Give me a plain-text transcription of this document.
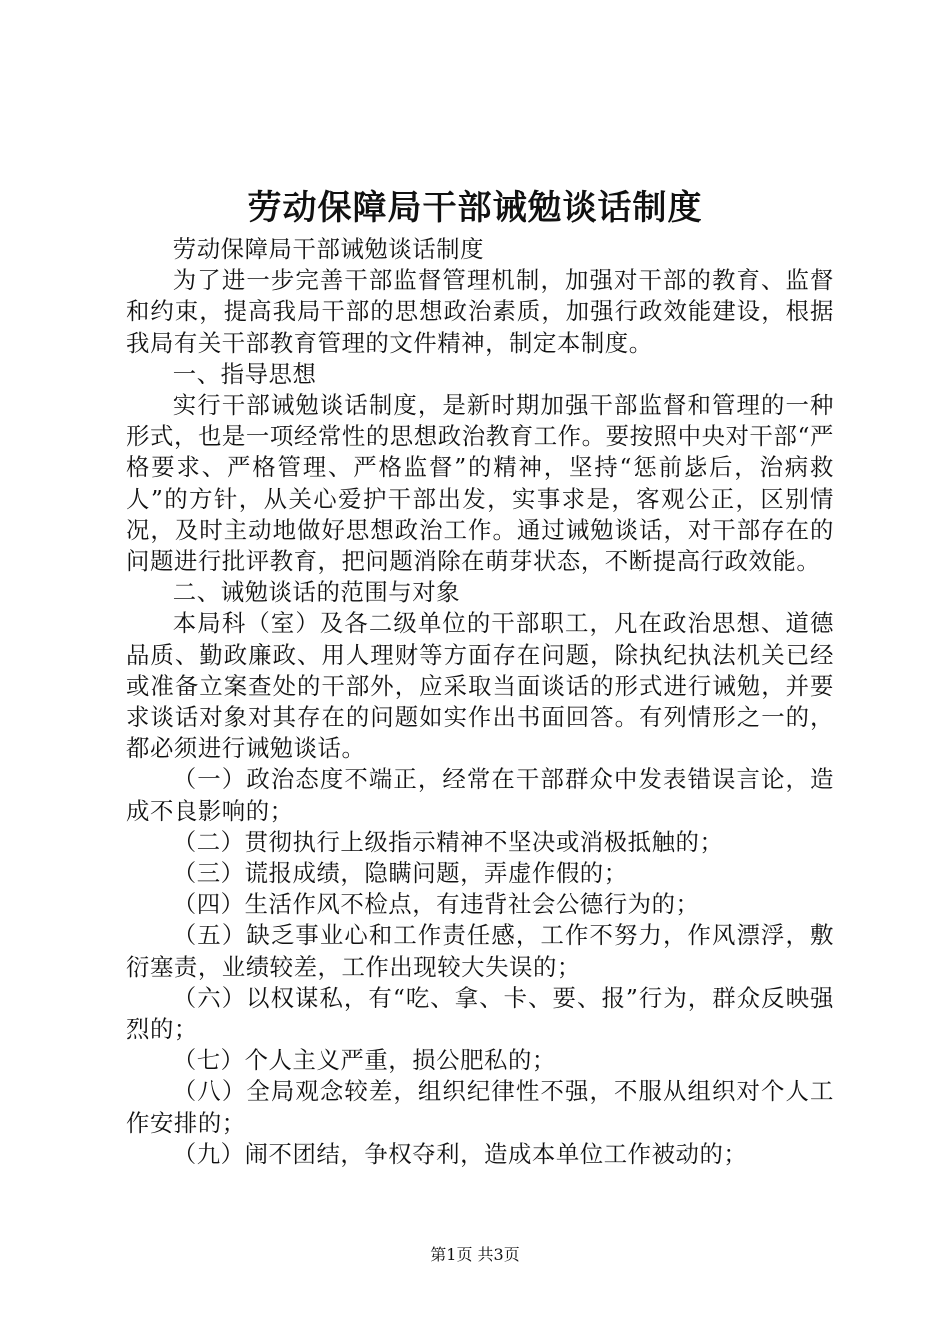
劳动保障局干部诫勉谈话制度

劳动保障局干部诫勉谈话制度

为了进一步完善干部监督管理机制，加强对干部的教育、监督和约束，提高我局干部的思想政治素质，加强行政效能建设，根据我局有关干部教育管理的文件精神，制定本制度。

一、指导思想

实行干部诫勉谈话制度，是新时期加强干部监督和管理的一种形式，也是一项经常性的思想政治教育工作。要按照中央对干部“严格要求、严格管理、严格监督”的精神，坚持“惩前毖后，治病救人”的方针，从关心爱护干部出发，实事求是，客观公正，区别情况，及时主动地做好思想政治工作。通过诫勉谈话，对干部存在的问题进行批评教育，把问题消除在萌芽状态，不断提高行政效能。

二、诫勉谈话的范围与对象

本局科（室）及各二级单位的干部职工，凡在政治思想、道德品质、勤政廉政、用人理财等方面存在问题，除执纪执法机关已经或准备立案查处的干部外，应采取当面谈话的形式进行诫勉，并要求谈话对象对其存在的问题如实作出书面回答。有列情形之一的，都必须进行诫勉谈话。

（一）政治态度不端正，经常在干部群众中发表错误言论，造成不良影响的；

（二）贯彻执行上级指示精神不坚决或消极抵触的；

（三）谎报成绩，隐瞒问题，弄虚作假的；

（四）生活作风不检点，有违背社会公德行为的；

（五）缺乏事业心和工作责任感，工作不努力，作风漂浮，敷衍塞责，业绩较差，工作出现较大失误的；

（六）以权谋私，有“吃、拿、卡、要、报”行为，群众反映强烈的；

（七）个人主义严重，损公肥私的；

（八）全局观念较差，组织纪律性不强，不服从组织对个人工作安排的；

（九）闹不团结，争权夺利，造成本单位工作被动的；

第1页 共3页
